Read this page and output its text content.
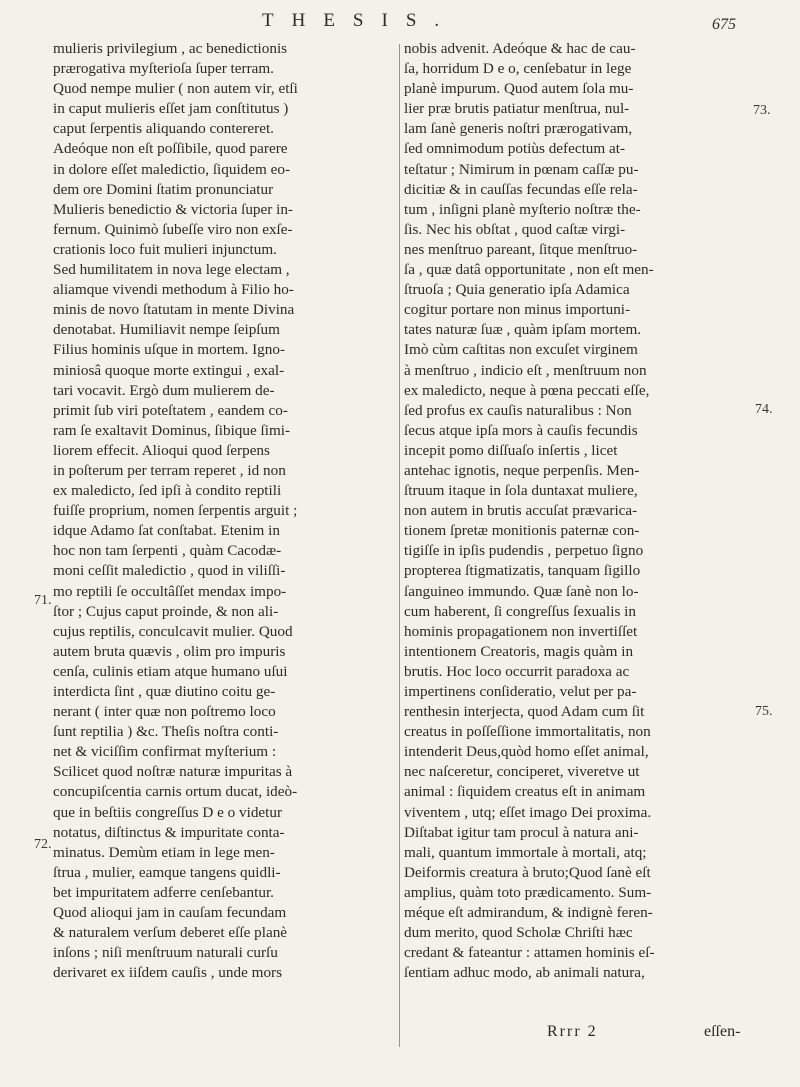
THESIS.	675
mulieris privilegium , ac benedictionis
prærogativa myſterioſa ſuper terram.
Quod nempe mulier ( non autem vir, etſi
in caput mulieris eſſet jam conſtitutus )
caput ſerpentis aliquando contereret.
Adeóque non eſt poſſibile, quod parere
in dolore eſſet maledictio, ſiquidem eo-
dem ore Domini ſtatim pronunciatur
Mulieris benedictio & victoria ſuper in-
fernum. Quinimò ſubeſſe viro non exſe-
crationis loco fuit mulieri injunctum.
Sed humilitatem in nova lege electam ,
aliamque vivendi methodum à Filio ho-
minis de novo ſtatutam in mente Divina
denotabat. Humiliavit nempe ſeipſum
Filius hominis uſque in mortem. Igno-
miniosâ quoque morte extingui , exal-
tari vocavit. Ergò dum mulierem de-
primit ſub viri poteſtatem , eandem co-
ram ſe exaltavit Dominus, ſibique ſimi-
liorem effecit. Alioqui quod ſerpens
in poſterum per terram reperet , id non
ex maledicto, ſed ipſi à condito reptili
fuiſſe proprium, nomen ſerpentis arguit ;
idque Adamo ſat conſtabat. Etenim in
hoc non tam ſerpenti , quàm Cacodæ-
moni ceſſit maledictio , quod in viliſſi-
mo reptili ſe occultâſſet mendax impo-
ſtor ; Cujus caput proinde, & non ali-
cujus reptilis, conculcavit mulier. Quod
autem bruta quævis , olim pro impuris
cenſa, culinis etiam atque humano uſui
interdicta ſint , quæ diutino coitu ge-
nerant ( inter quæ non poſtremo loco
ſunt reptilia ) &c. Theſis noſtra conti-
net & viciſſim confirmat myſterium :
Scilicet quod noſtræ naturæ impuritas à
concupiſcentia carnis ortum ducat, ideò-
que in beſtiis congreſſus D e o videtur
notatus, diſtinctus & impuritate conta-
minatus. Demùm etiam in lege men-
ſtrua , mulier, eamque tangens quidli-
bet impuritatem adferre cenſebantur.
Quod alioqui jam in cauſam fecundam
& naturalem verſum deberet eſſe planè
inſons ; niſi menſtruum naturali curſu
derivaret ex iiſdem cauſis , unde mors
nobis advenit. Adeóque & hac de cau-
ſa, horridum D e o, cenſebatur in lege
planè impurum. Quod autem ſola mu-
lier præ brutis patiatur menſtrua, nul-
lam ſanè generis noſtri prærogativam,
ſed omnimodum potiùs defectum at-
teſtatur ; Nimirum in pœnam caſſæ pu-
dicitiæ & in cauſſas fecundas eſſe rela-
tum , inſigni planè myſterio noſtræ the-
ſis. Nec his obſtat , quod caſtæ virgi-
nes menſtruo pareant, ſitque menſtruo-
ſa , quæ datâ opportunitate , non eſt men-
ſtruoſa ; Quia generatio ipſa Adamica
cogitur portare non minus importuni-
tates naturæ ſuæ , quàm ipſam mortem.
Imò cùm caſtitas non excuſet virginem
à menſtruo , indicio eſt , menſtruum non
ex maledicto, neque à pœna peccati eſſe,
ſed profus ex cauſis naturalibus : Non
ſecus atque ipſa mors à cauſis fecundis
incepit pomo diſſuaſo inſertis , licet
antehac ignotis, neque perpenſis. Men-
ſtruum itaque in ſola duntaxat muliere,
non autem in brutis accuſat prævarica-
tionem ſpretæ monitionis paternæ con-
tigiſſe in ipſis pudendis , perpetuo ſigno
propterea ſtigmatizatis, tanquam ſigillo
ſanguineo immundo. Quæ ſanè non lo-
cum haberent, ſi congreſſus ſexualis in
hominis propagationem non invertiſſet
intentionem Creatoris, magis quàm in
brutis. Hoc loco occurrit paradoxa ac
impertinens conſideratio, velut per pa-
renthesin interjecta, quod Adam cum ſit
creatus in poſſeſſione immortalitatis, non
intenderit Deus,quòd homo eſſet animal,
nec naſceretur, conciperet, viveretve ut
animal : ſiquidem creatus eſt in animam
viventem , utq; eſſet imago Dei proxima.
Diſtabat igitur tam procul à natura ani-
mali, quantum immortale à mortali, atq;
Deiformis creatura à bruto;Quod ſanè eſt
amplius, quàm toto prædicamento. Sum-
méque eſt admirandum, & indignè feren-
dum merito, quod Scholæ Chriſti hæc
credant & fateantur : attamen hominis eſ-
ſentiam adhuc modo, ab animali natura,
71.
72.
73.
74.
75.
Rrrr 2	eſſen-
